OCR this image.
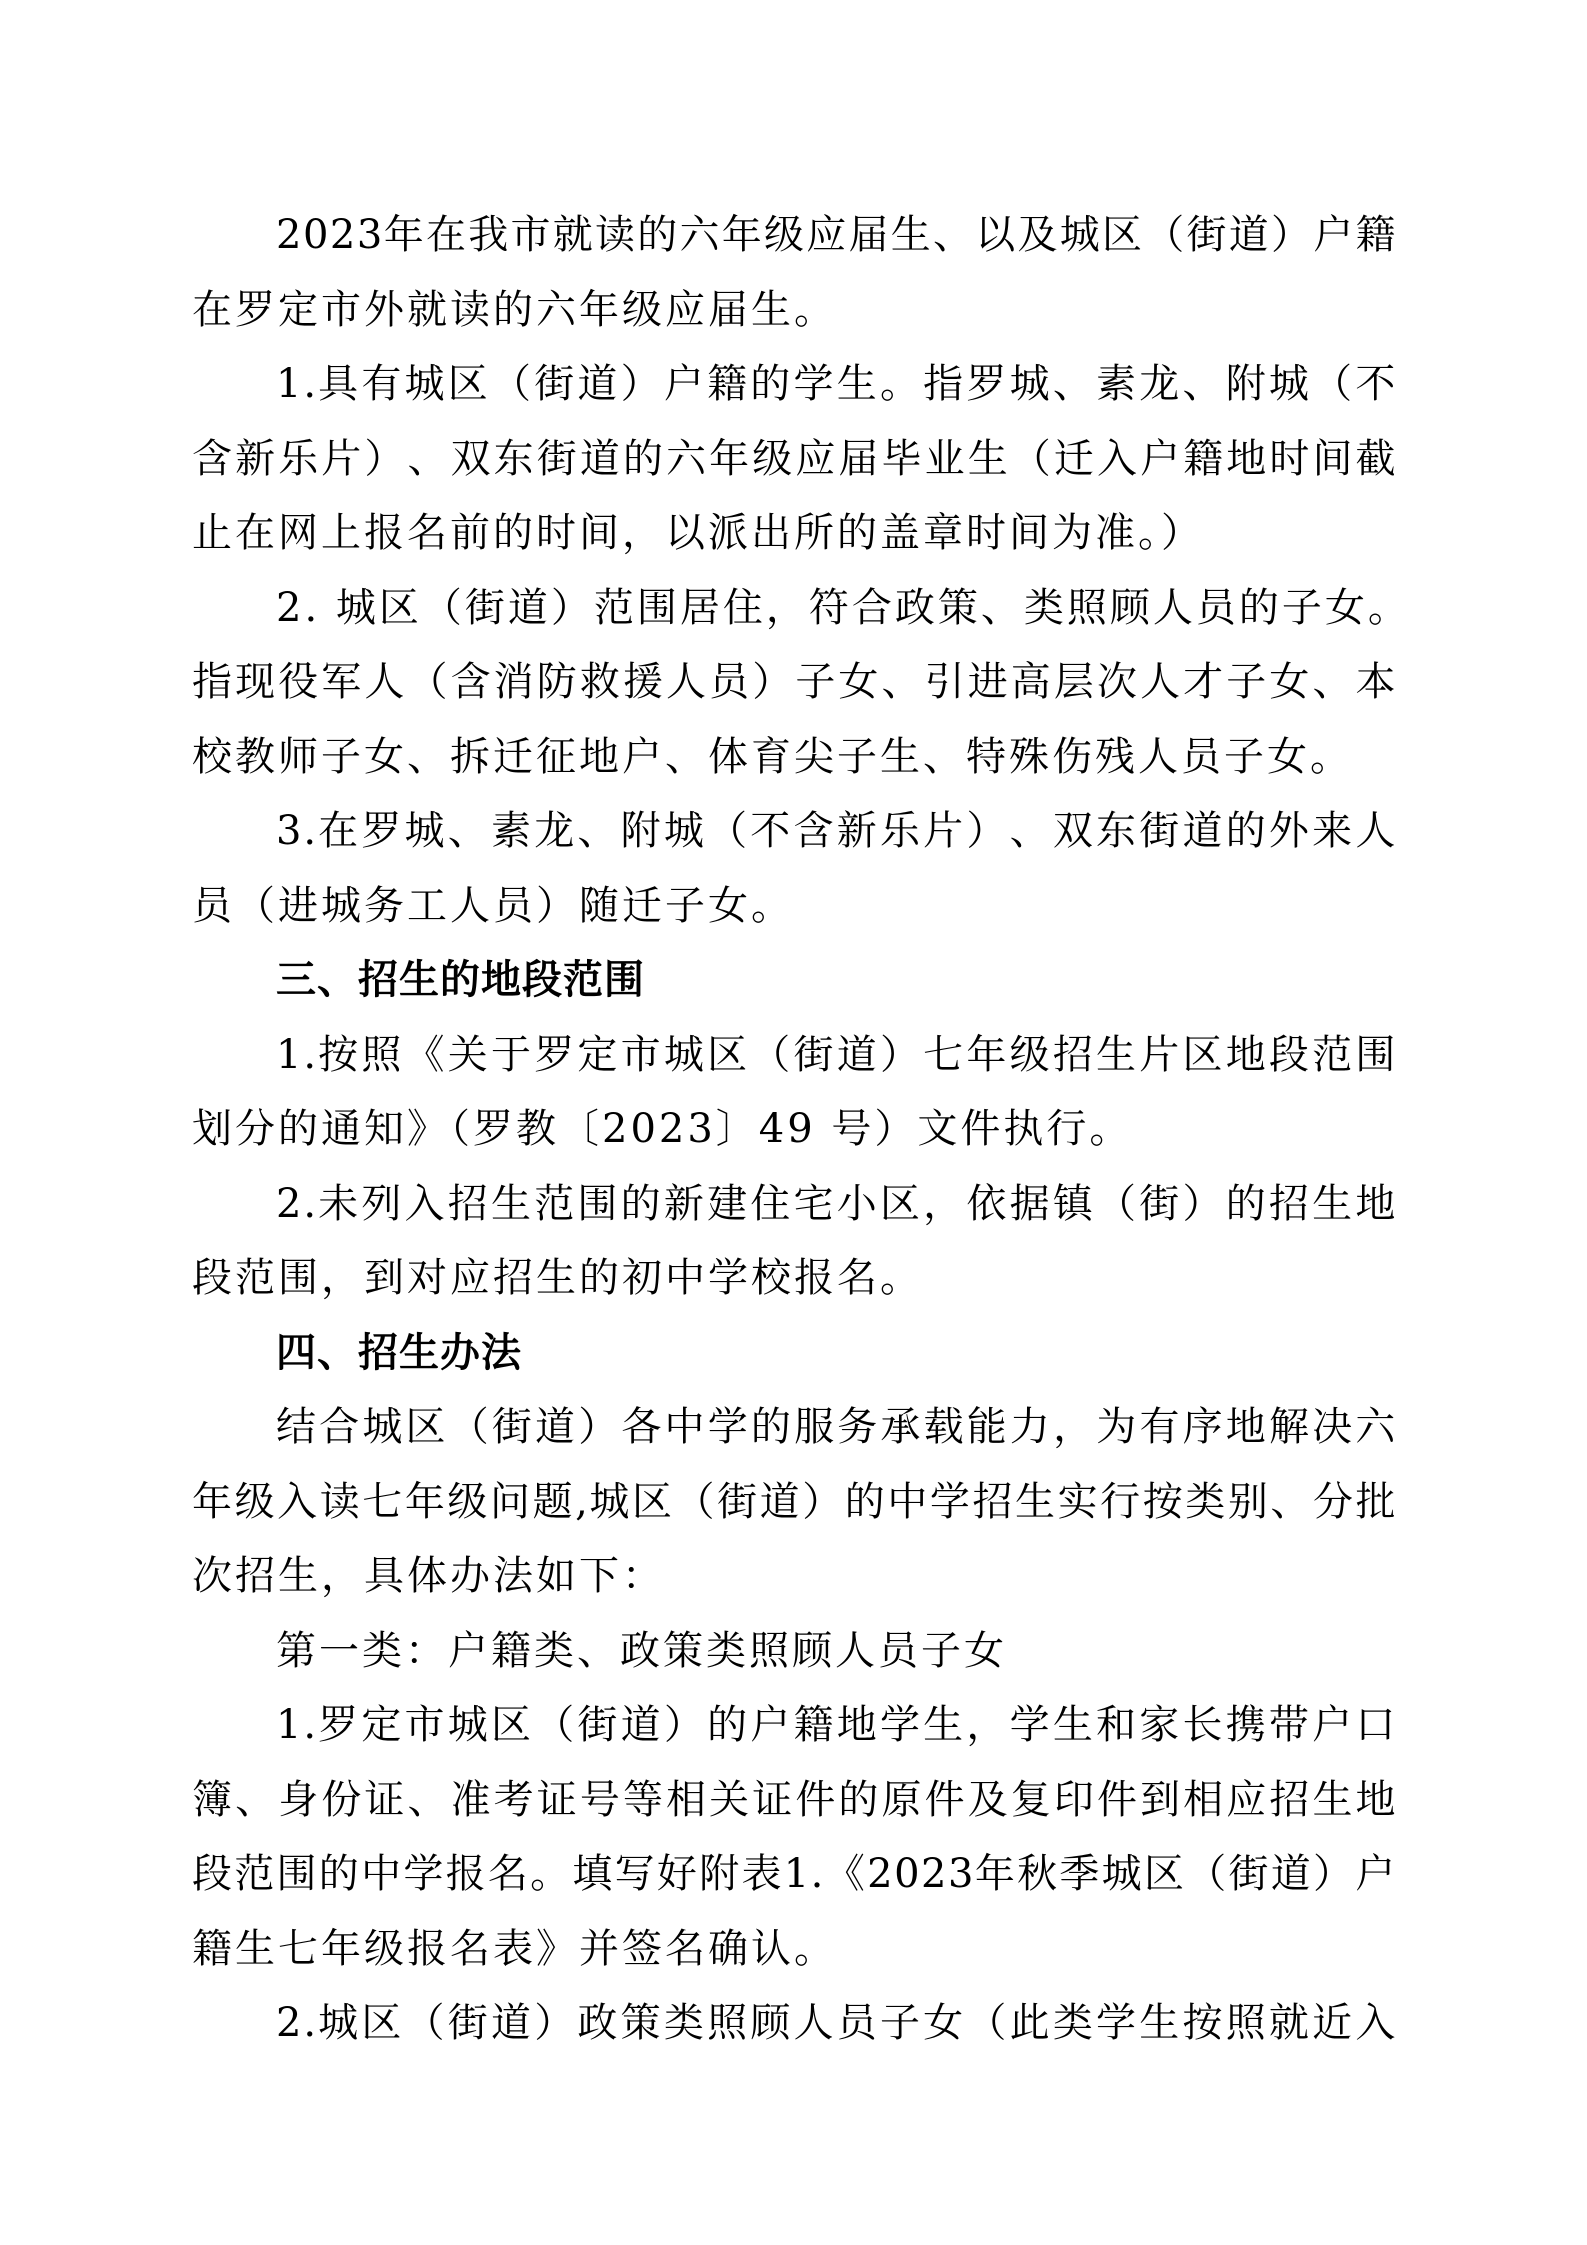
2 0 2 3 年 在 我 市 就 读 的 六 年 级 应 届 生 、 以 及 城 区 （ 街 道 ） 户 籍
在罗定市外就读的六年级应届生。
1 . 具 有 城 区 （ 街 道 ） 户 籍 的 学 生 。 指 罗 城 、 素 龙 、 附 城 （ 不
含 新 乐 片 ） 、 双 东 街 道 的 六 年 级 应 届 毕 业 生 （ 迁 入 户 籍 地 时 间 截
止在网上报名前的时间，以派出所的盖章时间为准。）
2. 城区（街道）范围居住，符合政策、类照顾人员的子女。
指 现 役 军 人 （ 含 消 防 救 援 人 员 ） 子 女 、 引 进 高 层 次 人 才 子 女 、 本
校教师子女、拆迁征地户、体育尖子生、特殊伤残人员子女。
3 . 在 罗 城 、 素 龙 、 附 城 （ 不 含 新 乐 片 ） 、 双 东 街 道 的 外 来 人
员（进城务工人员）随迁子女。
三、招生的地段范围
1 . 按 照 《 关 于 罗 定 市 城 区 （ 街 道 ） 七 年 级 招 生 片 区 地 段 范 围
划分的通知》（罗教〔2023〕49 号）文件执行。
2 . 未 列 入 招 生 范 围 的 新 建 住 宅 小 区 ， 依 据 镇 （ 街 ） 的 招 生 地
段范围，到对应招生的初中学校报名。
四、招生办法
结 合 城 区 （ 街 道 ） 各 中 学 的 服 务 承 载 能 力 ， 为 有 序 地 解 决 六
年 级 入 读 七 年 级 问 题 , 城 区 （ 街 道 ） 的 中 学 招 生 实 行 按 类 别 、 分 批
次招生，具体办法如下：
第一类：户籍类、政策类照顾人员子女
1 . 罗 定 市 城 区 （ 街 道 ） 的 户 籍 地 学 生 ， 学 生 和 家 长 携 带 户 口
簿 、 身 份 证 、 准 考 证 号 等 相 关 证 件 的 原 件 及 复 印 件 到 相 应 招 生 地
段 范 围 的 中 学 报 名 。 填 写 好 附 表 1 . 《 2 0 2 3 年 秋 季 城 区 （ 街 道 ） 户
籍生七年级报名表》并签名确认。
2 . 城 区 （ 街 道 ） 政 策 类 照 顾 人 员 子 女 （ 此 类 学 生 按 照 就 近 入
